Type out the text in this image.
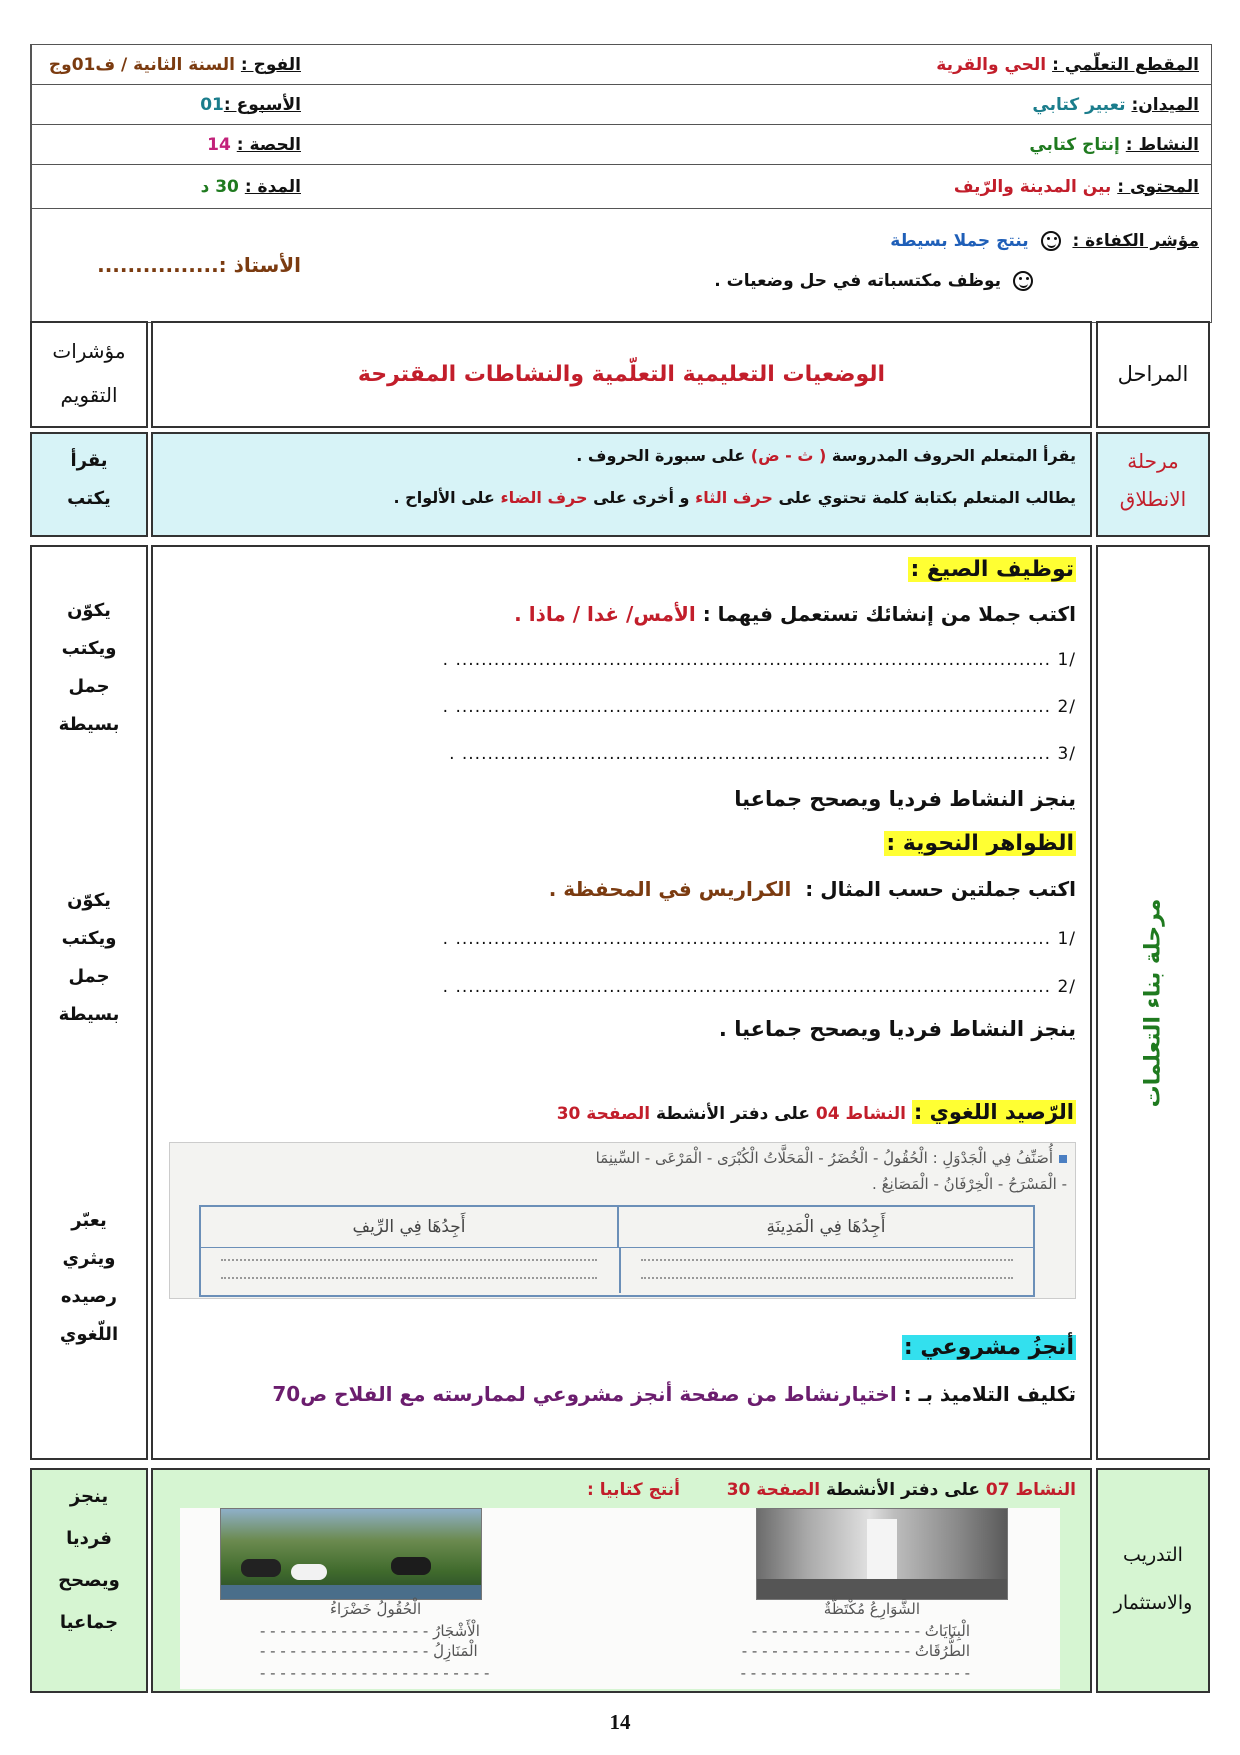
المقطع التعلّمي :

الحي والقرية
الفوج :

السنة الثانية / ف01وج
الميدان:

تعبير كتابي
الأسبوع :
01
النشاط :

إنتاج كتابي
الحصة :

14
المحتوى :

بين المدينة والرّيف
المدة :

30 د
مؤشر الكفاءة :  ينتج جملا بسيطة
يوظف مكتسباته في حل وضعيات .
الأستاذ :................
المراحل
الوضعيات التعليمية التعلّمية والنشاطات المقترحة
مؤشرات
التقويم
مرحلة
الانطلاق
يقرأ المتعلم الحروف المدروسة ( ث - ض) على سبورة الحروف .
يطالب المتعلم بكتابة كلمة تحتوي على حرف الثاء و أخرى على حرف الضاء على الألواح .
يقرأ
يكتب
مرحلة بناء التعلمات
توظيف الصيغ :
اكتب جملا من إنشائك تستعمل فيهما : الأمس/ غدا / ماذا .
/1 ............................................................................................. .
/2 ............................................................................................. .
/3 ............................................................................................ .
ينجز النشاط فرديا ويصحح جماعيا
الظواهر النحوية :
اكتب جملتين حسب المثال :  الكراريس في المحفظة .
/1 ............................................................................................. .
/2 ............................................................................................. .
ينجز النشاط فرديا ويصحح جماعيا .
الرّصيد اللغوي : النشاط 04 على دفتر الأنشطة الصفحة 30
أُصَنِّفُ فِي الْجَدْوَلِ : الْحُقُولُ - الْخُضَرُ - الْمَحَلَّاتُ الْكُبْرَى - الْمَرْعَى - السِّينِمَا
- الْمَسْرَحُ - الْخِرْفَانُ - الْمَصَانِعُ .
أَجِدُهَا فِي الْمَدِينَةِ
أَجِدُهَا فِي الرِّيفِ
أنجزُ مشروعي :
تكليف التلاميذ بـ : اختيارنشاط من صفحة أنجز مشروعي لممارسته مع الفلاح ص70
يكوّن
ويكتب
جمل
بسيطة
يكوّن
ويكتب
جمل
بسيطة
يعبّر
ويثري
رصيده
اللّغوي
التدريب
والاستثمار
النشاط 07 على دفتر الأنشطة الصفحة 30
أنتج كتابيا :
الشَّوَارِعُ مُكْتَظَّةٌ
الْحُقُولُ خَضْرَاءُ
الْبِنَايَاتُ - - - - - - - - - - - - - - - - -
الطُّرُقَاتُ - - - - - - - - - - - - - - - - -
- - - - - - - - - - - - - - - - - - - - - - -
الْأَشْجَارُ - - - - - - - - - - - - - - - - -
الْمَنَازِلُ - - - - - - - - - - - - - - - - -
- - - - - - - - - - - - - - - - - - - - - - -
ينجز
فرديا
ويصحح
جماعيا
14
